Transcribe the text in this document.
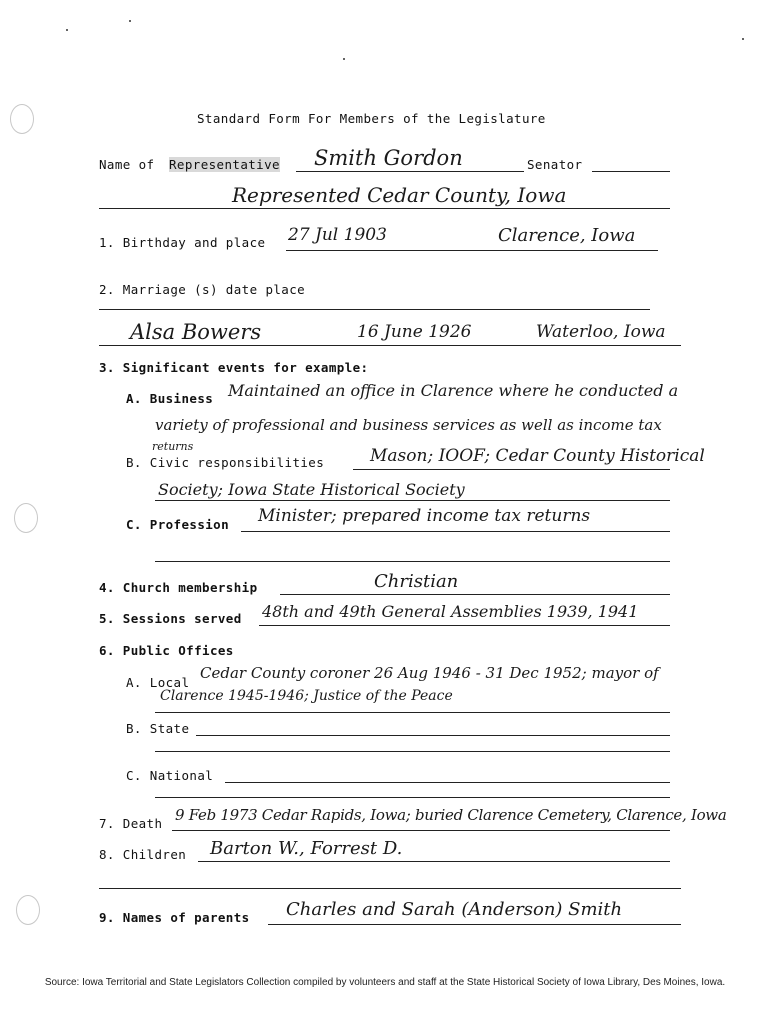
Standard Form For Members of the Legislature
Name of Representative Smith Gordon	Senator
Represented Cedar County, Iowa
1. Birthday and place 27 Jul 1903	Clarence, Iowa
2. Marriage (s) date place
Alsa Bowers	16 June 1926	Waterloo, Iowa
3. Significant events for example:
A. Business Maintained an office in Clarence where he conducted a
variety of professional and business services as well as income tax
returns
B. Civic responsibilities	Mason; IOOF; Cedar County Historical
Society; Iowa State Historical Society
C. Profession Minister; prepared income tax returns
4. Church membership	Christian
5. Sessions served 48th and 49th General Assemblies 1939, 1941
6. Public Offices
A. Local
Cedar County coroner 26 Aug 1946 - 31 Dec 1952; mayor of
Clarence 1945-1946; Justice of the Peace
B. State
C. National
7. Death 9 Feb 1973 Cedar Rapids, Iowa; buried Clarence Cemetery, Clarence, Iowa
8. Children Barton W., Forrest D.
9. Names of parents Charles and Sarah (Anderson) Smith
Source: Iowa Territorial and State Legislators Collection compiled by volunteers and staff at the State Historical Society of Iowa Library, Des Moines, Iowa.
